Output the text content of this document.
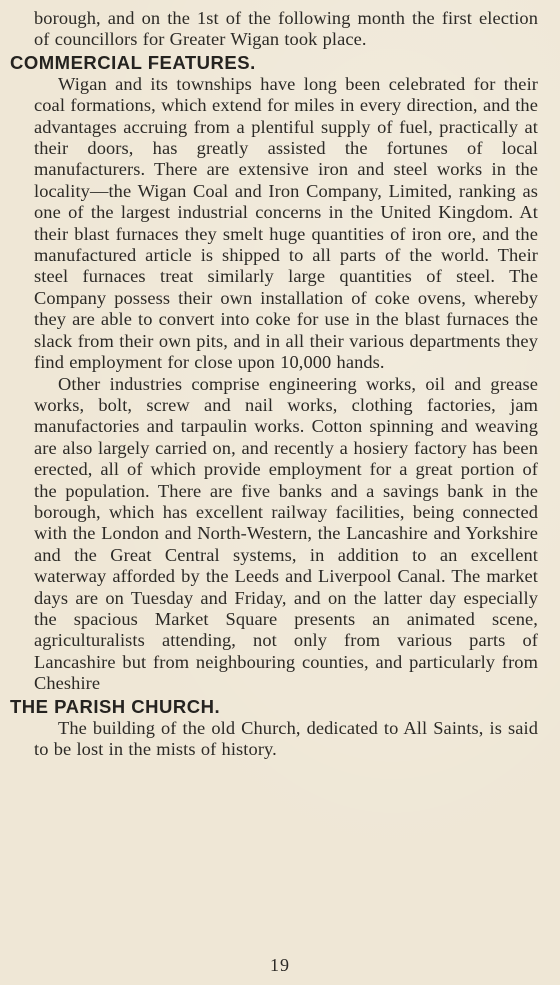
borough, and on the 1st of the following month the first election of councillors for Greater Wigan took place.

COMMERCIAL FEATURES.

Wigan and its townships have long been celebrated for their coal formations, which extend for miles in every direction, and the advantages accruing from a plentiful supply of fuel, practically at their doors, has greatly assisted the fortunes of local manufacturers. There are extensive iron and steel works in the locality—the Wigan Coal and Iron Company, Limited, ranking as one of the largest industrial concerns in the United Kingdom. At their blast furnaces they smelt huge quantities of iron ore, and the manufactured article is shipped to all parts of the world. Their steel furnaces treat similarly large quantities of steel. The Company possess their own installation of coke ovens, whereby they are able to convert into coke for use in the blast furnaces the slack from their own pits, and in all their various departments they find employment for close upon 10,000 hands.

Other industries comprise engineering works, oil and grease works, bolt, screw and nail works, clothing factories, jam manufactories and tarpaulin works. Cotton spinning and weaving are also largely carried on, and recently a hosiery factory has been erected, all of which provide employment for a great portion of the population. There are five banks and a savings bank in the borough, which has excellent railway facilities, being connected with the London and North-Western, the Lancashire and Yorkshire and the Great Central systems, in addition to an excellent waterway afforded by the Leeds and Liverpool Canal. The market days are on Tuesday and Friday, and on the latter day especially the spacious Market Square presents an animated scene, agriculturalists attending, not only from various parts of Lancashire but from neighbouring counties, and particularly from Cheshire

THE PARISH CHURCH.

The building of the old Church, dedicated to All Saints, is said to be lost in the mists of history.

19
